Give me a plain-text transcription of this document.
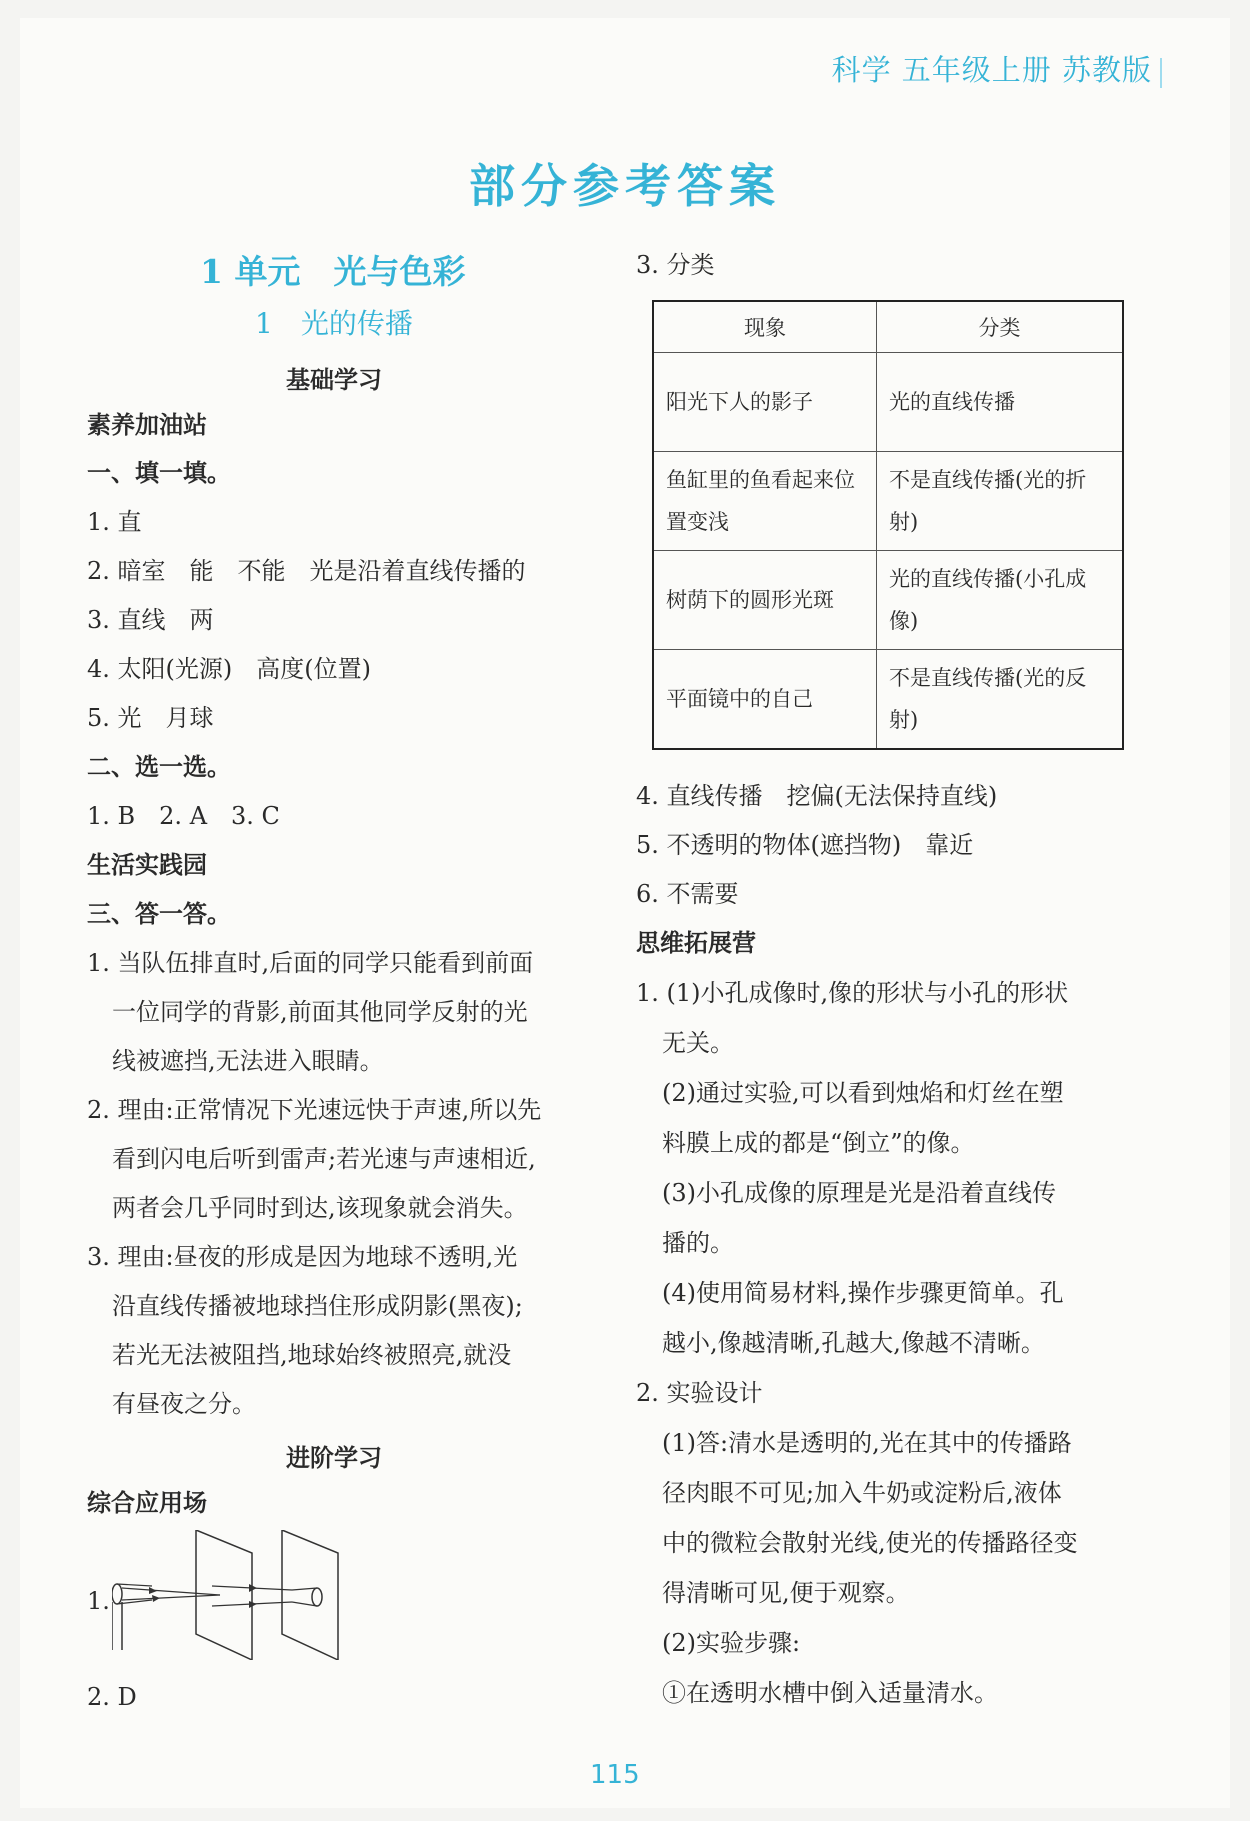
科学 五年级上册 苏教版
部分参考答案
1 单元　光与色彩
1　光的传播
基础学习
素养加油站
一、填一填。
1. 直
2. 暗室　能　不能　光是沿着直线传播的
3. 直线　两
4. 太阳(光源)　高度(位置)
5. 光　月球
二、选一选。
1. B　2. A　3. C
生活实践园
三、答一答。
1. 当队伍排直时,后面的同学只能看到前面
一位同学的背影,前面其他同学反射的光
线被遮挡,无法进入眼睛。
2. 理由:正常情况下光速远快于声速,所以先
看到闪电后听到雷声;若光速与声速相近,
两者会几乎同时到达,该现象就会消失。
3. 理由:昼夜的形成是因为地球不透明,光
沿直线传播被地球挡住形成阴影(黑夜);
若光无法被阻挡,地球始终被照亮,就没
有昼夜之分。
进阶学习
综合应用场
1.
2. D
3. 分类
现象	分类
阳光下人的影子	光的直线传播
鱼缸里的鱼看起来位置变浅	不是直线传播(光的折射)
树荫下的圆形光斑	光的直线传播(小孔成像)
平面镜中的自己	不是直线传播(光的反射)
4. 直线传播　挖偏(无法保持直线)
5. 不透明的物体(遮挡物)　靠近
6. 不需要
思维拓展营
1. (1)小孔成像时,像的形状与小孔的形状
无关。
(2)通过实验,可以看到烛焰和灯丝在塑
料膜上成的都是“倒立”的像。
(3)小孔成像的原理是光是沿着直线传
播的。
(4)使用简易材料,操作步骤更简单。孔
越小,像越清晰,孔越大,像越不清晰。
2. 实验设计
(1)答:清水是透明的,光在其中的传播路
径肉眼不可见;加入牛奶或淀粉后,液体
中的微粒会散射光线,使光的传播路径变
得清晰可见,便于观察。
(2)实验步骤:
①在透明水槽中倒入适量清水。
115
